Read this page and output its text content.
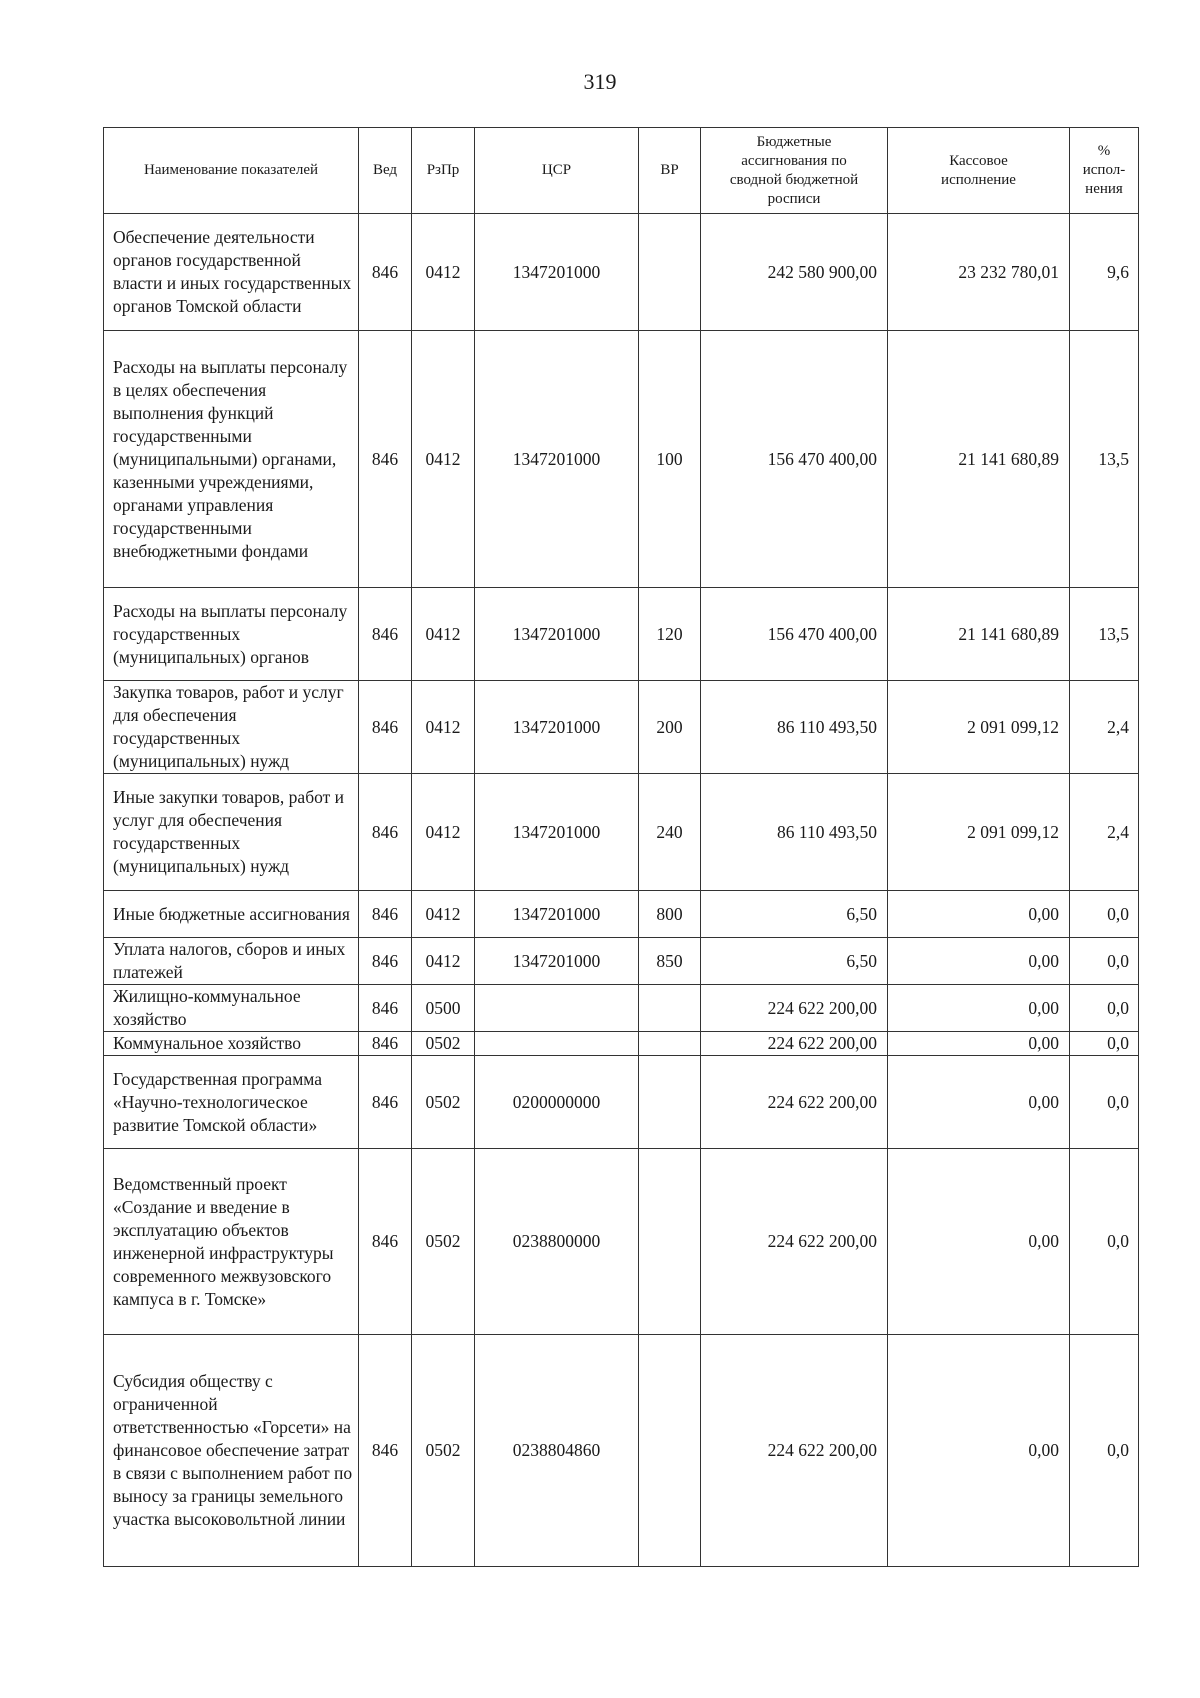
319
Наименование показателей	Вед	РзПр	ЦСР	ВР	Бюджетные ассигнования по сводной бюджетной росписи	Кассовое исполнение	% испол-нения
Обеспечение деятельности органов государственной власти и иных государственных органов Томской области	846	0412	1347201000		242 580 900,00	23 232 780,01	9,6
Расходы на выплаты персоналу в целях обеспечения выполнения функций государственными (муниципальными) органами, казенными учреждениями, органами управления государственными внебюджетными фондами	846	0412	1347201000	100	156 470 400,00	21 141 680,89	13,5
Расходы на выплаты персоналу государственных (муниципальных) органов	846	0412	1347201000	120	156 470 400,00	21 141 680,89	13,5
Закупка товаров, работ и услуг для обеспечения государственных (муниципальных) нужд	846	0412	1347201000	200	86 110 493,50	2 091 099,12	2,4
Иные закупки товаров, работ и услуг для обеспечения государственных (муниципальных) нужд	846	0412	1347201000	240	86 110 493,50	2 091 099,12	2,4
Иные бюджетные ассигнования	846	0412	1347201000	800	6,50	0,00	0,0
Уплата налогов, сборов и иных платежей	846	0412	1347201000	850	6,50	0,00	0,0
Жилищно-коммунальное хозяйство	846	0500			224 622 200,00	0,00	0,0
Коммунальное хозяйство	846	0502			224 622 200,00	0,00	0,0
Государственная программа «Научно-технологическое развитие Томской области»	846	0502	0200000000		224 622 200,00	0,00	0,0
Ведомственный проект «Создание и введение в эксплуатацию объектов инженерной инфраструктуры современного межвузовского кампуса в г. Томске»	846	0502	0238800000		224 622 200,00	0,00	0,0
Субсидия обществу с ограниченной ответственностью «Горсети» на финансовое обеспечение затрат в связи с выполнением работ по выносу за границы земельного участка высоковольтной линии	846	0502	0238804860		224 622 200,00	0,00	0,0
